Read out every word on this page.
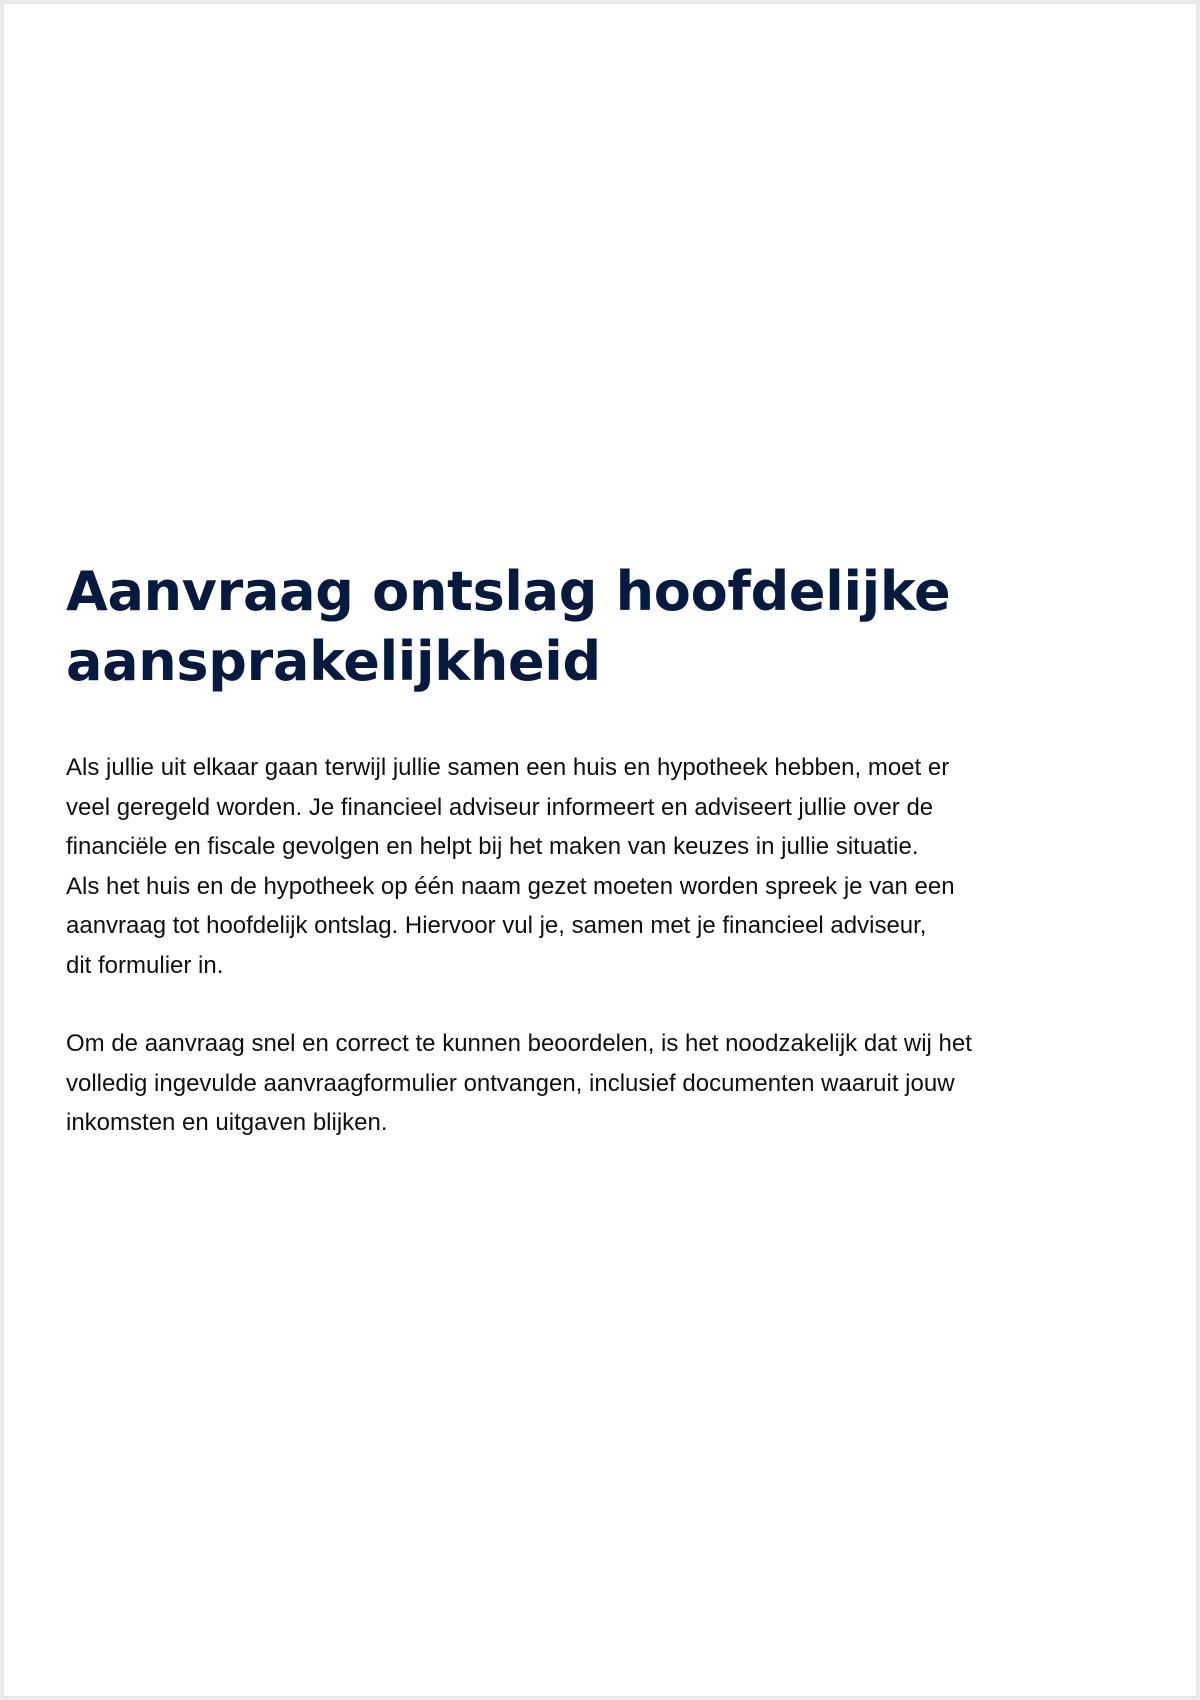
Aanvraag ontslag hoofdelijke
aansprakelijkheid

Als jullie uit elkaar gaan terwijl jullie samen een huis en hypotheek hebben, moet er
veel geregeld worden. Je financieel adviseur informeert en adviseert jullie over de
financiële en fiscale gevolgen en helpt bij het maken van keuzes in jullie situatie.
Als het huis en de hypotheek op één naam gezet moeten worden spreek je van een
aanvraag tot hoofdelijk ontslag. Hiervoor vul je, samen met je financieel adviseur,
dit formulier in.

Om de aanvraag snel en correct te kunnen beoordelen, is het noodzakelijk dat wij het
volledig ingevulde aanvraagformulier ontvangen, inclusief documenten waaruit jouw
inkomsten en uitgaven blijken.
